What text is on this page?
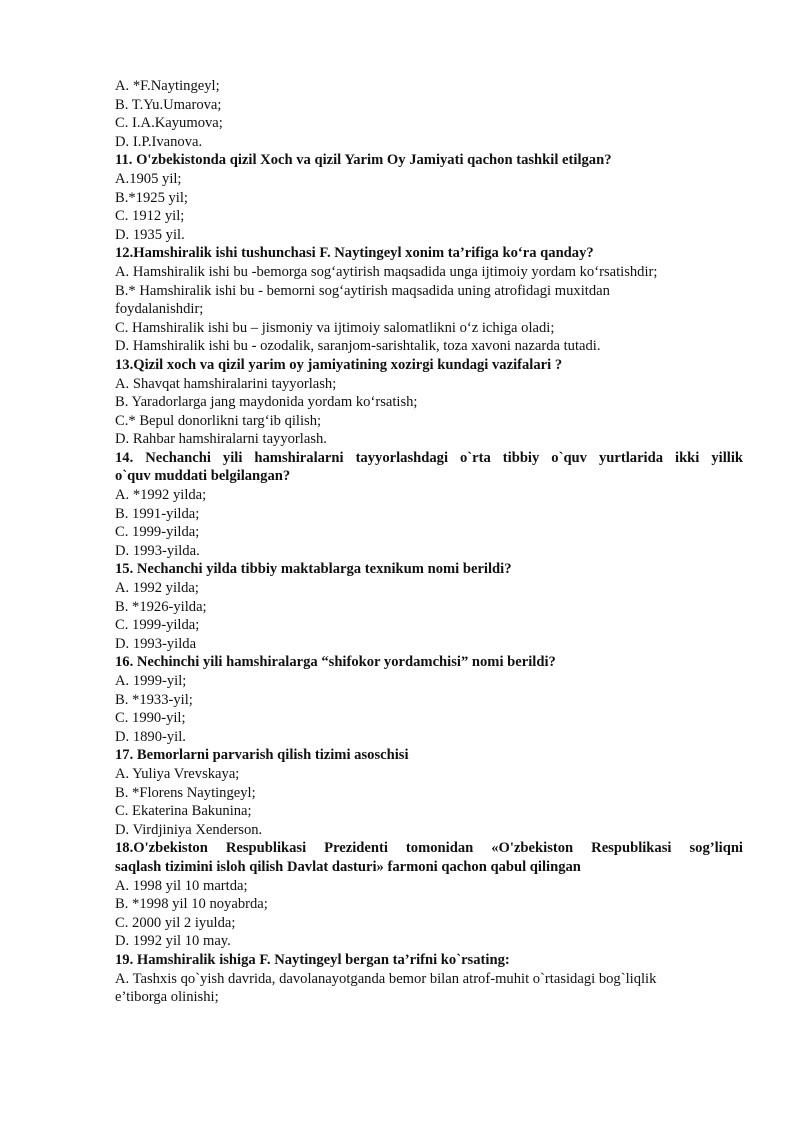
A. *F.Naytingeyl;

B. T.Yu.Umarova;

C. I.A.Kayumova;

D. I.P.Ivanova.

11. O'zbekistonda qizil Xoch va qizil Yarim Oy Jamiyati qachon tashkil etilgan?

A.1905 yil;

B.*1925 yil;

C. 1912 yil;

D. 1935 yil.

12.Hamshiralik ishi tushunchasi F. Naytingeyl xonim ta’rifiga ko‘ra qanday?

A. Hamshiralik ishi bu -bemorga sog‘aytirish maqsadida unga ijtimoiy yordam ko‘rsatishdir;

B.* Hamshiralik ishi bu - bemorni sog‘aytirish maqsadida uning atrofidagi muxitdan

foydalanishdir;

C. Hamshiralik ishi bu – jismoniy va ijtimoiy salomatlikni o‘z ichiga oladi;

D. Hamshiralik ishi bu - ozodalik, saranjom-sarishtalik, toza xavoni nazarda tutadi.

13.Qizil xoch va qizil yarim oy jamiyatining xozirgi kundagi vazifalari ?

A. Shavqat hamshiralarini tayyorlash;

B. Yaradorlarga jang maydonida yordam ko‘rsatish;

C.* Bepul donorlikni targ‘ib qilish;

D. Rahbar hamshiralarni tayyorlash.

14. Nechanchi yili hamshiralarni tayyorlashdagi o`rta tibbiy o`quv yurtlarida ikki yillik

o`quv muddati belgilangan?

A. *1992 yilda;

B. 1991-yilda;

C. 1999-yilda;

D. 1993-yilda.

15. Nechanchi yilda tibbiy maktablarga texnikum nomi berildi?

A. 1992 yilda;

B. *1926-yilda;

C. 1999-yilda;

D. 1993-yilda

16. Nechinchi yili hamshiralarga “shifokor yordamchisi” nomi berildi?

A. 1999-yil;

B. *1933-yil;

C. 1990-yil;

D. 1890-yil.

17. Bemorlarni parvarish qilish tizimi asoschisi

A. Yuliya Vrevskaya;

B. *Florens Naytingeyl;

C. Ekaterina Bakunina;

D. Virdjiniya Xenderson.

18.O'zbekiston Respublikasi Prezidenti tomonidan «O'zbekiston Respublikasi sog’liqni

saqlash tizimini isloh qilish Davlat dasturi» farmoni qachon qabul qilingan

A. 1998 yil 10 martda;

B. *1998 yil 10 noyabrda;

C. 2000 yil 2 iyulda;

D. 1992 yil 10 may.

19. Hamshiralik ishiga F. Naytingeyl bergan ta’rifni ko`rsating:

A. Tashxis qo`yish davrida, davolanayotganda bemor bilan atrof-muhit o`rtasidagi bog`liqlik

e’tiborga olinishi;
